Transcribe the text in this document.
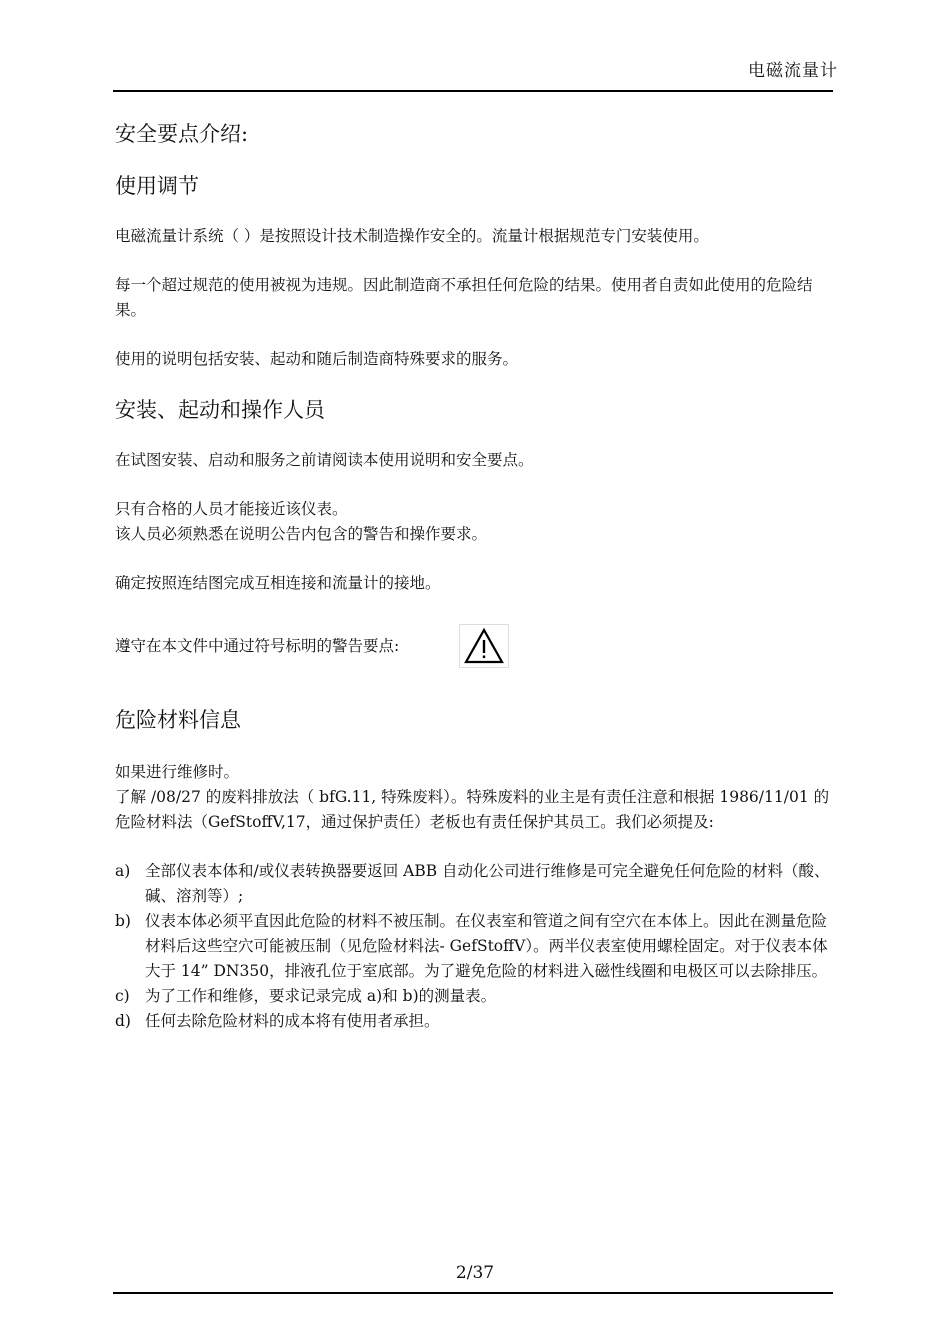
电磁流量计
安全要点介绍:
使用调节

电磁流量计系统（ ）是按照设计技术制造操作安全的。流量计根据规范专门安装使用。

每一个超过规范的使用被视为违规。因此制造商不承担任何危险的结果。使用者自责如此使用的危险结果。

使用的说明包括安装、起动和随后制造商特殊要求的服务。

安装、起动和操作人员

在试图安装、启动和服务之前请阅读本使用说明和安全要点。

只有合格的人员才能接近该仪表。

该人员必须熟悉在说明公告内包含的警告和操作要求。

确定按照连结图完成互相连接和流量计的接地。

遵守在本文件中通过符号标明的警告要点:

危险材料信息

如果进行维修时。

了解 /08/27 的废料排放法（ bfG.11, 特殊废料）。特殊废料的业主是有责任注意和根据 1986/11/01 的危险材料法（GefStoffV,17，通过保护责任）老板也有责任保护其员工。我们必须提及:

a) 全部仪表本体和/或仪表转换器要返回 ABB 自动化公司进行维修是可完全避免任何危险的材料（酸、碱、溶剂等）;
b) 仪表本体必须平直因此危险的材料不被压制。在仪表室和管道之间有空穴在本体上。因此在测量危险材料后这些空穴可能被压制（见危险材料法- GefStoffV）。两半仪表室使用螺栓固定。对于仪表本体大于 14” DN350，排液孔位于室底部。为了避免危险的材料进入磁性线圈和电极区可以去除排压。
c) 为了工作和维修，要求记录完成 a)和 b)的测量表。
d) 任何去除危险材料的成本将有使用者承担。
2/37
